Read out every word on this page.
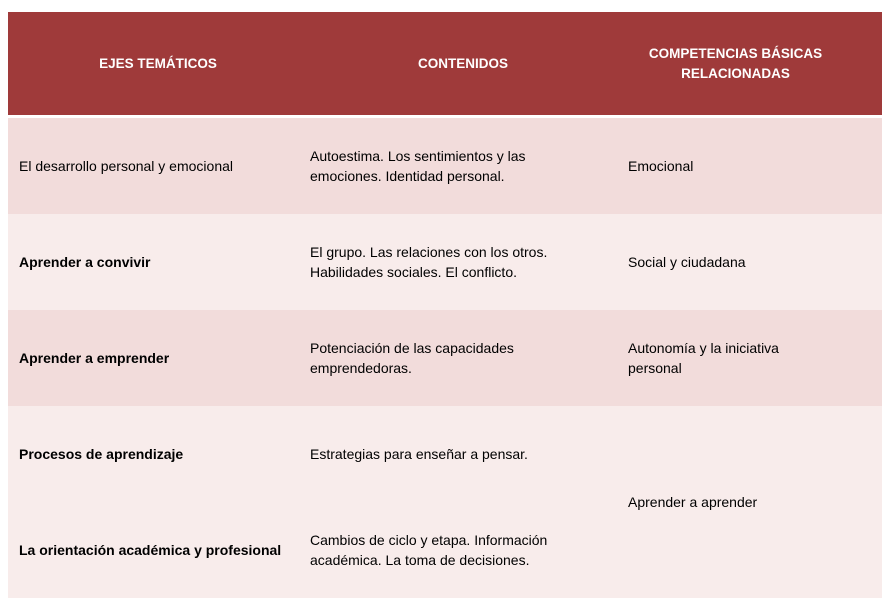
EJES TEMÁTICOS	CONTENIDOS
COMPETENCIAS BÁSICAS
RELACIONADAS
El desarrollo personal y emocional
Autoestima. Los sentimientos y las
emociones. Identidad personal.
Emocional
Aprender a convivir
El grupo. Las relaciones con los otros.
Habilidades sociales. El conflicto.
Social y ciudadana
Aprender a emprender
Potenciación de las capacidades
emprendedoras.
Autonomía y la iniciativa
personal
Procesos de aprendizaje	Estrategias para enseñar a pensar.
La orientación académica y profesional
Cambios de ciclo y etapa. Información
académica. La toma de decisiones.
Aprender a aprender
